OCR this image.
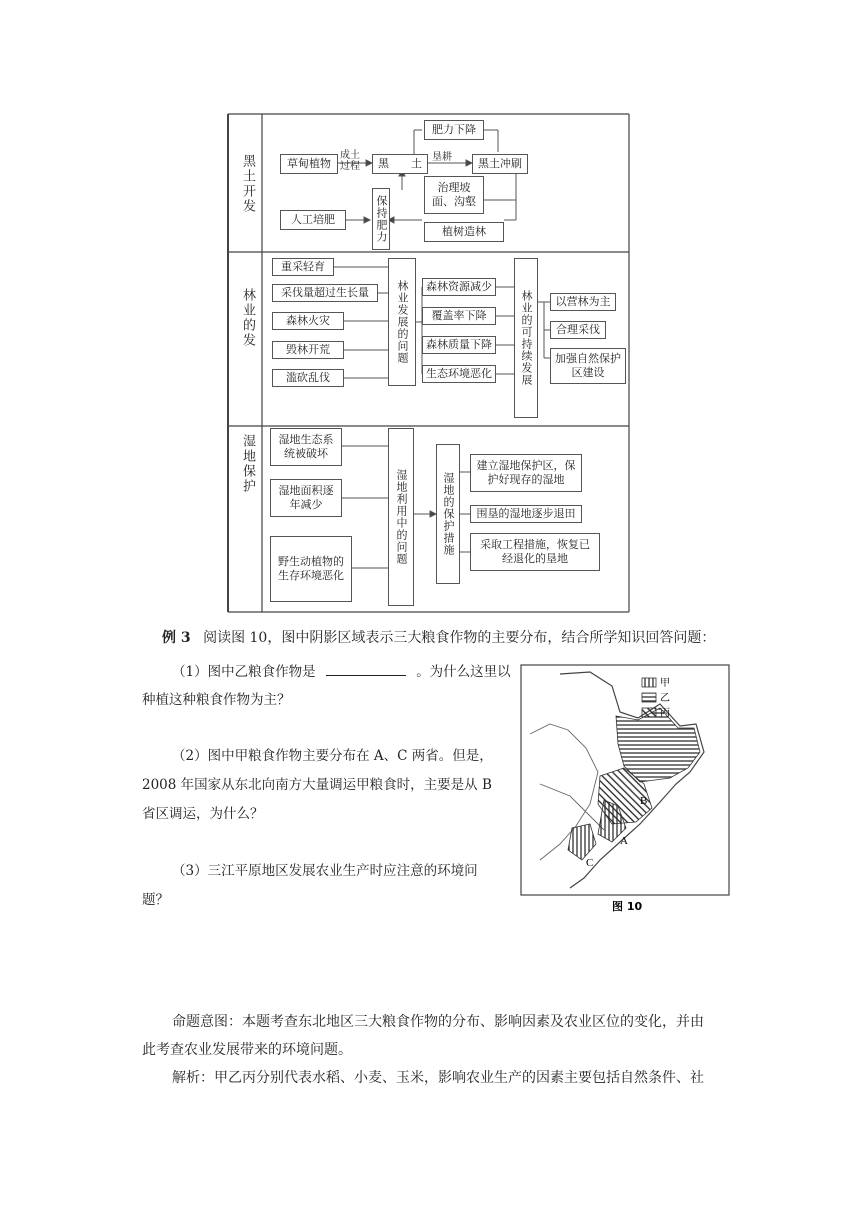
黑土开发
林业的发
湿地保护
草甸植物
成土过程	黑　　土
肥力下降
垦耕	黑土冲刷
治理坡面、沟壑
人工培肥	保持肥力	植树造林
重采轻育
采伐量超过生长量
森林火灾
毁林开荒
滥砍乱伐
林业发展的问题	森林资源减少
覆盖率下降
森林质量下降
生态环境恶化	林业的可持续发展	以营林为主
合理采伐
加强自然保护区建设
湿地生态系统被破坏
湿地面积逐年减少
野生动植物的生存环境恶化
湿地利用中的问题	湿地的保护措施
建立湿地保护区，保护好现存的湿地
围垦的湿地逐步退田
采取工程措施，恢复已经退化的垦地
例 3 阅读图 10，图中阴影区域表示三大粮食作物的主要分布，结合所学知识回答问题：
（1）图中乙粮食作物是	。为什么这里以
种植这种粮食作物为主？
（2）图中甲粮食作物主要分布在 A、C 两省。但是，
2008 年国家从东北向南方大量调运甲粮食时，主要是从 B
省区调运，为什么？
（3）三江平原地区发展农业生产时应注意的环境问
题？
甲
乙
丙
A
B
C
图 10
命题意图：本题考查东北地区三大粮食作物的分布、影响因素及农业区位的变化，并由
此考查农业发展带来的环境问题。
解析：甲乙丙分别代表水稻、小麦、玉米，影响农业生产的因素主要包括自然条件、社
